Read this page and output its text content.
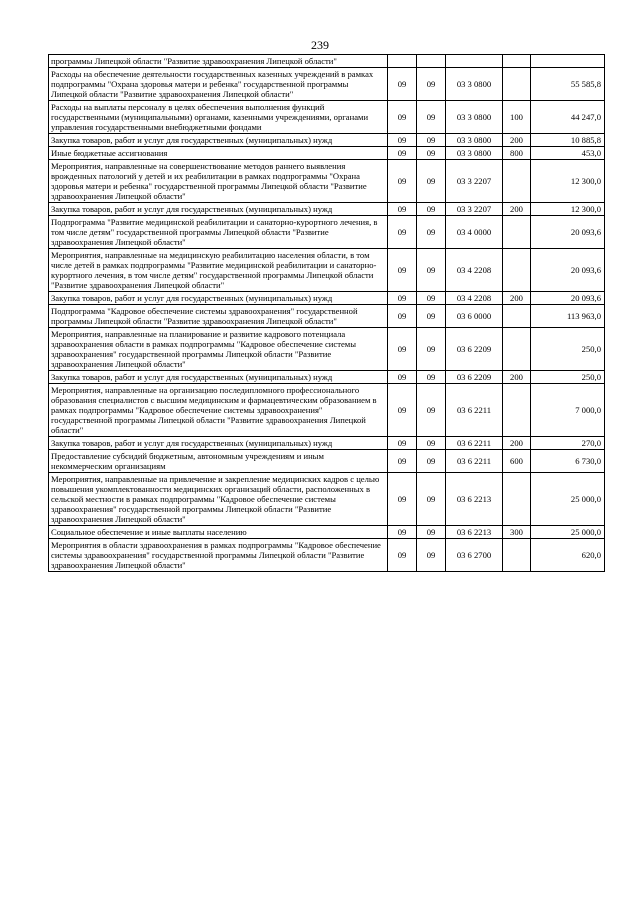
239
программы Липецкой области "Развитие здравоохранения Липецкой области"					
Расходы на обеспечение деятельности государственных казенных учреждений в рамках подпрограммы "Охрана здоровья матери и ребенка" государственной программы Липецкой области "Развитие здравоохранения Липецкой области"	09	09	03 3 0800		55 585,8
Расходы на выплаты персоналу в целях обеспечения выполнения функций государственными (муниципальными) органами, казенными учреждениями, органами управления государственными внебюджетными фондами	09	09	03 3 0800	100	44 247,0
Закупка товаров, работ и услуг для государственных (муниципальных) нужд	09	09	03 3 0800	200	10 885,8
Иные бюджетные ассигнования	09	09	03 3 0800	800	453,0
Мероприятия, направленные на совершенствование методов раннего выявления врожденных патологий у детей и их реабилитации в рамках подпрограммы "Охрана здоровья матери и ребенка" государственной программы Липецкой области "Развитие здравоохранения Липецкой области"	09	09	03 3 2207		12 300,0
Закупка товаров, работ и услуг для государственных (муниципальных) нужд	09	09	03 3 2207	200	12 300,0
Подпрограмма "Развитие медицинской реабилитации и санаторно-курортного лечения, в том числе детям" государственной программы Липецкой области "Развитие здравоохранения Липецкой области"	09	09	03 4 0000		20 093,6
Мероприятия, направленные на медицинскую реабилитацию населения области, в том числе детей в рамках подпрограммы "Развитие медицинской реабилитации и санаторно-курортного лечения, в том числе детям" государственной программы Липецкой области "Развитие здравоохранения Липецкой области"	09	09	03 4 2208		20 093,6
Закупка товаров, работ и услуг для государственных (муниципальных) нужд	09	09	03 4 2208	200	20 093,6
Подпрограмма "Кадровое обеспечение системы здравоохранения" государственной программы Липецкой области "Развитие здравоохранения Липецкой области"	09	09	03 6 0000		113 963,0
Мероприятия, направленные на планирование и развитие кадрового потенциала здравоохранения области в рамках подпрограммы "Кадровое обеспечение системы здравоохранения" государственной программы Липецкой области "Развитие здравоохранения Липецкой области"	09	09	03 6 2209		250,0
Закупка товаров, работ и услуг для государственных (муниципальных) нужд	09	09	03 6 2209	200	250,0
Мероприятия, направленные на организацию последипломного профессионального образования специалистов с высшим медицинским и фармацевтическим образованием в рамках подпрограммы "Кадровое обеспечение системы здравоохранения" государственной программы Липецкой области "Развитие здравоохранения Липецкой области"	09	09	03 6 2211		7 000,0
Закупка товаров, работ и услуг для государственных (муниципальных) нужд	09	09	03 6 2211	200	270,0
Предоставление субсидий бюджетным, автономным учреждениям и иным некоммерческим организациям	09	09	03 6 2211	600	6 730,0
Мероприятия, направленные на привлечение и закрепление медицинских кадров с целью повышения укомплектованности медицинских организаций области, расположенных в сельской местности в рамках подпрограммы "Кадровое обеспечение системы здравоохранения" государственной программы Липецкой области "Развитие здравоохранения Липецкой области"	09	09	03 6 2213		25 000,0
Социальное обеспечение и иные выплаты населению	09	09	03 6 2213	300	25 000,0
Мероприятия в области здравоохранения в рамках подпрограммы "Кадровое обеспечение системы здравоохранения" государственной программы Липецкой области "Развитие здравоохранения Липецкой области"	09	09	03 6 2700		620,0
